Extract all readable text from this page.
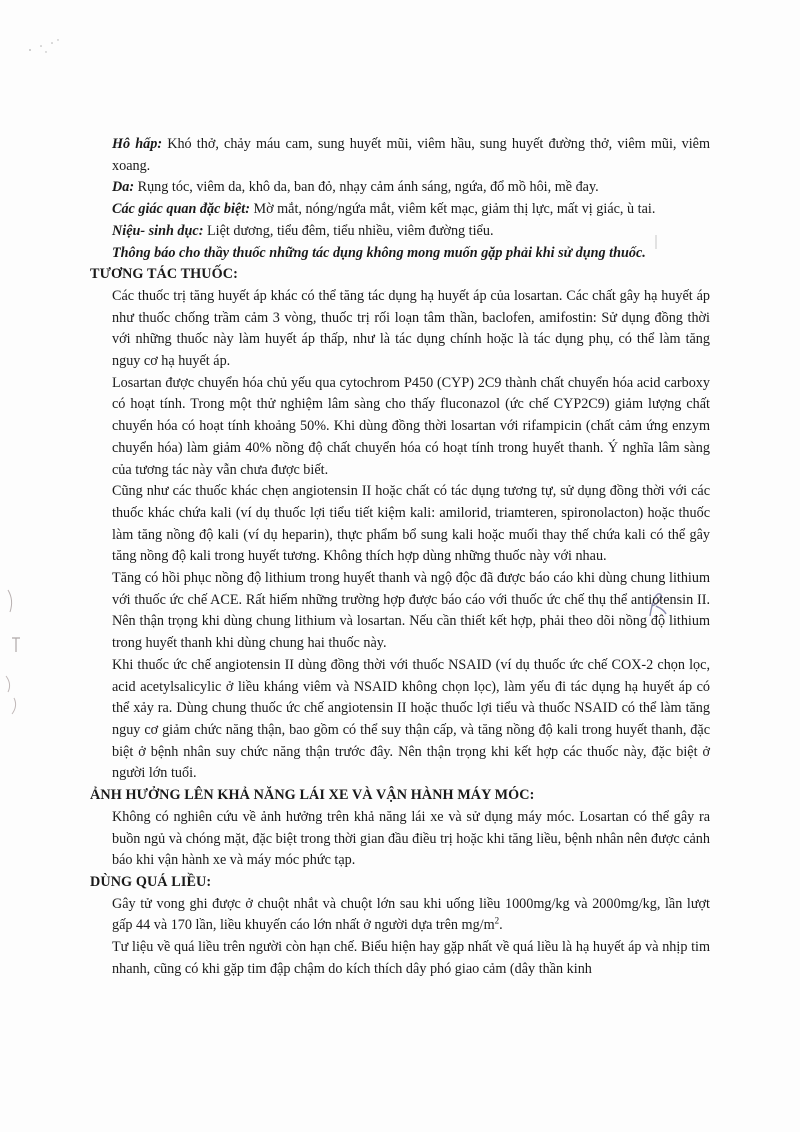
Hô hấp: Khó thở, chảy máu cam, sung huyết mũi, viêm hầu, sung huyết đường thở, viêm mũi, viêm xoang.

Da: Rụng tóc, viêm da, khô da, ban đỏ, nhạy cảm ánh sáng, ngứa, đổ mồ hôi, mề đay.

Các giác quan đặc biệt: Mờ mắt, nóng/ngứa mắt, viêm kết mạc, giảm thị lực, mất vị giác, ù tai.

Niệu- sinh dục: Liệt dương, tiểu đêm, tiểu nhiều, viêm đường tiểu.

Thông báo cho thầy thuốc những tác dụng không mong muốn gặp phải khi sử dụng thuốc.

TƯƠNG TÁC THUỐC:

Các thuốc trị tăng huyết áp khác có thể tăng tác dụng hạ huyết áp của losartan. Các chất gây hạ huyết áp như thuốc chống trầm cảm 3 vòng, thuốc trị rối loạn tâm thần, baclofen, amifostin: Sử dụng đồng thời với những thuốc này làm huyết áp thấp, như là tác dụng chính hoặc là tác dụng phụ, có thể làm tăng nguy cơ hạ huyết áp.

Losartan được chuyển hóa chủ yếu qua cytochrom P450 (CYP) 2C9 thành chất chuyển hóa acid carboxy có hoạt tính. Trong một thử nghiệm lâm sàng cho thấy fluconazol (ức chế CYP2C9) giảm lượng chất chuyển hóa có hoạt tính khoảng 50%. Khi dùng đồng thời losartan với rifampicin (chất cảm ứng enzym chuyển hóa) làm giảm 40% nồng độ chất chuyển hóa có hoạt tính trong huyết thanh. Ý nghĩa lâm sàng của tương tác này vẫn chưa được biết.

Cũng như các thuốc khác chẹn angiotensin II hoặc chất có tác dụng tương tự, sử dụng đồng thời với các thuốc khác chứa kali (ví dụ thuốc lợi tiểu tiết kiệm kali: amilorid, triamteren, spironolacton) hoặc thuốc làm tăng nồng độ kali (ví dụ heparin), thực phẩm bổ sung kali hoặc muối thay thế chứa kali có thể gây tăng nồng độ kali trong huyết tương. Không thích hợp dùng những thuốc này với nhau.

Tăng có hồi phục nồng độ lithium trong huyết thanh và ngộ độc đã được báo cáo khi dùng chung lithium với thuốc ức chế ACE. Rất hiếm những trường hợp được báo cáo với thuốc ức chế thụ thể antiotensin II. Nên thận trọng khi dùng chung lithium và losartan. Nếu cần thiết kết hợp, phải theo dõi nồng độ lithium trong huyết thanh khi dùng chung hai thuốc này.

Khi thuốc ức chế angiotensin II dùng đồng thời với thuốc NSAID (ví dụ thuốc ức chế COX-2 chọn lọc, acid acetylsalicylic ở liều kháng viêm và NSAID không chọn lọc), làm yếu đi tác dụng hạ huyết áp có thể xảy ra. Dùng chung thuốc ức chế angiotensin II hoặc thuốc lợi tiểu và thuốc NSAID có thể làm tăng nguy cơ giảm chức năng thận, bao gồm có thể suy thận cấp, và tăng nồng độ kali trong huyết thanh, đặc biệt ở bệnh nhân suy chức năng thận trước đây. Nên thận trọng khi kết hợp các thuốc này, đặc biệt ở người lớn tuổi.

ẢNH HƯỞNG LÊN KHẢ NĂNG LÁI XE VÀ VẬN HÀNH MÁY MÓC:

Không có nghiên cứu về ảnh hưởng trên khả năng lái xe và sử dụng máy móc. Losartan có thể gây ra buồn ngủ và chóng mặt, đặc biệt trong thời gian đầu điều trị hoặc khi tăng liều, bệnh nhân nên được cảnh báo khi vận hành xe và máy móc phức tạp.

DÙNG QUÁ LIỀU:

Gây tử vong ghi được ở chuột nhắt và chuột lớn sau khi uống liều 1000mg/kg và 2000mg/kg, lần lượt gấp 44 và 170 lần, liều khuyến cáo lớn nhất ở người dựa trên $mg/m^2$.

Tư liệu về quá liều trên người còn hạn chế. Biểu hiện hay gặp nhất về quá liều là hạ huyết áp và nhịp tim nhanh, cũng có khi gặp tim đập chậm do kích thích dây phó giao cảm (dây thần kinh
